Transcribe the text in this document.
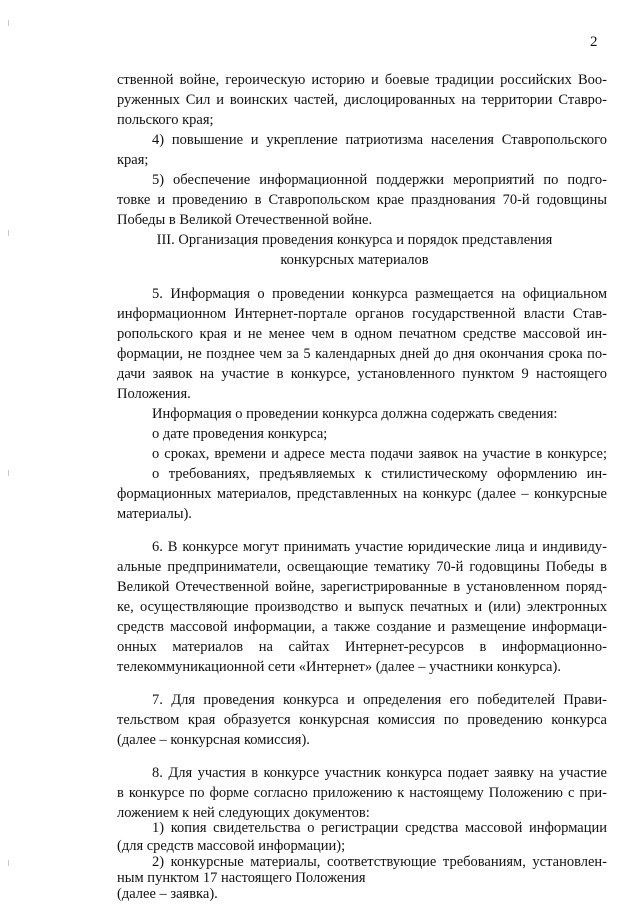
2
ственной войне, героическую историю и боевые традиции российских Воо-
руженных Сил и воинских частей, дислоцированных на территории Ставро-
польского края;
4) повышение и укрепление патриотизма населения Ставропольского
края;
5) обеспечение информационной поддержки мероприятий по подго-
товке и проведению в Ставропольском крае празднования 70-й годовщины
Победы в Великой Отечественной войне.
III. Организация проведения конкурса и порядок представления
конкурсных материалов
5. Информация о проведении конкурса размещается на официальном
информационном Интернет-портале органов государственной власти Став-
ропольского края и не менее чем в одном печатном средстве массовой ин-
формации, не позднее чем за 5 календарных дней до дня окончания срока по-
дачи заявок на участие в конкурсе, установленного пунктом 9 настоящего
Положения.
Информация о проведении конкурса должна содержать сведения:
о дате проведения конкурса;
о сроках, времени и адресе места подачи заявок на участие в конкурсе;
о требованиях, предъявляемых к стилистическому оформлению ин-
формационных материалов, представленных на конкурс (далее – конкурсные
материалы).
6. В конкурсе могут принимать участие юридические лица и индивиду-
альные предприниматели, освещающие тематику 70-й годовщины Победы в
Великой Отечественной войне, зарегистрированные в установленном поряд-
ке, осуществляющие производство и выпуск печатных и (или) электронных
средств массовой информации, а также создание и размещение информаци-
онных материалов на сайтах Интернет-ресурсов в информационно-
телекоммуникационной сети «Интернет» (далее – участники конкурса).
7. Для проведения конкурса и определения его победителей Прави-
тельством края образуется конкурсная комиссия по проведению конкурса
(далее – конкурсная комиссия).
8. Для участия в конкурсе участник конкурса подает заявку на участие
в конкурсе по форме согласно приложению к настоящему Положению с при-
ложением к ней следующих документов:
1) копия свидетельства о регистрации средства массовой информации
(для средств массовой информации);
2) конкурсные материалы, соответствующие требованиям, установлен-
ным пунктом 17 настоящего Положения
(далее – заявка).
